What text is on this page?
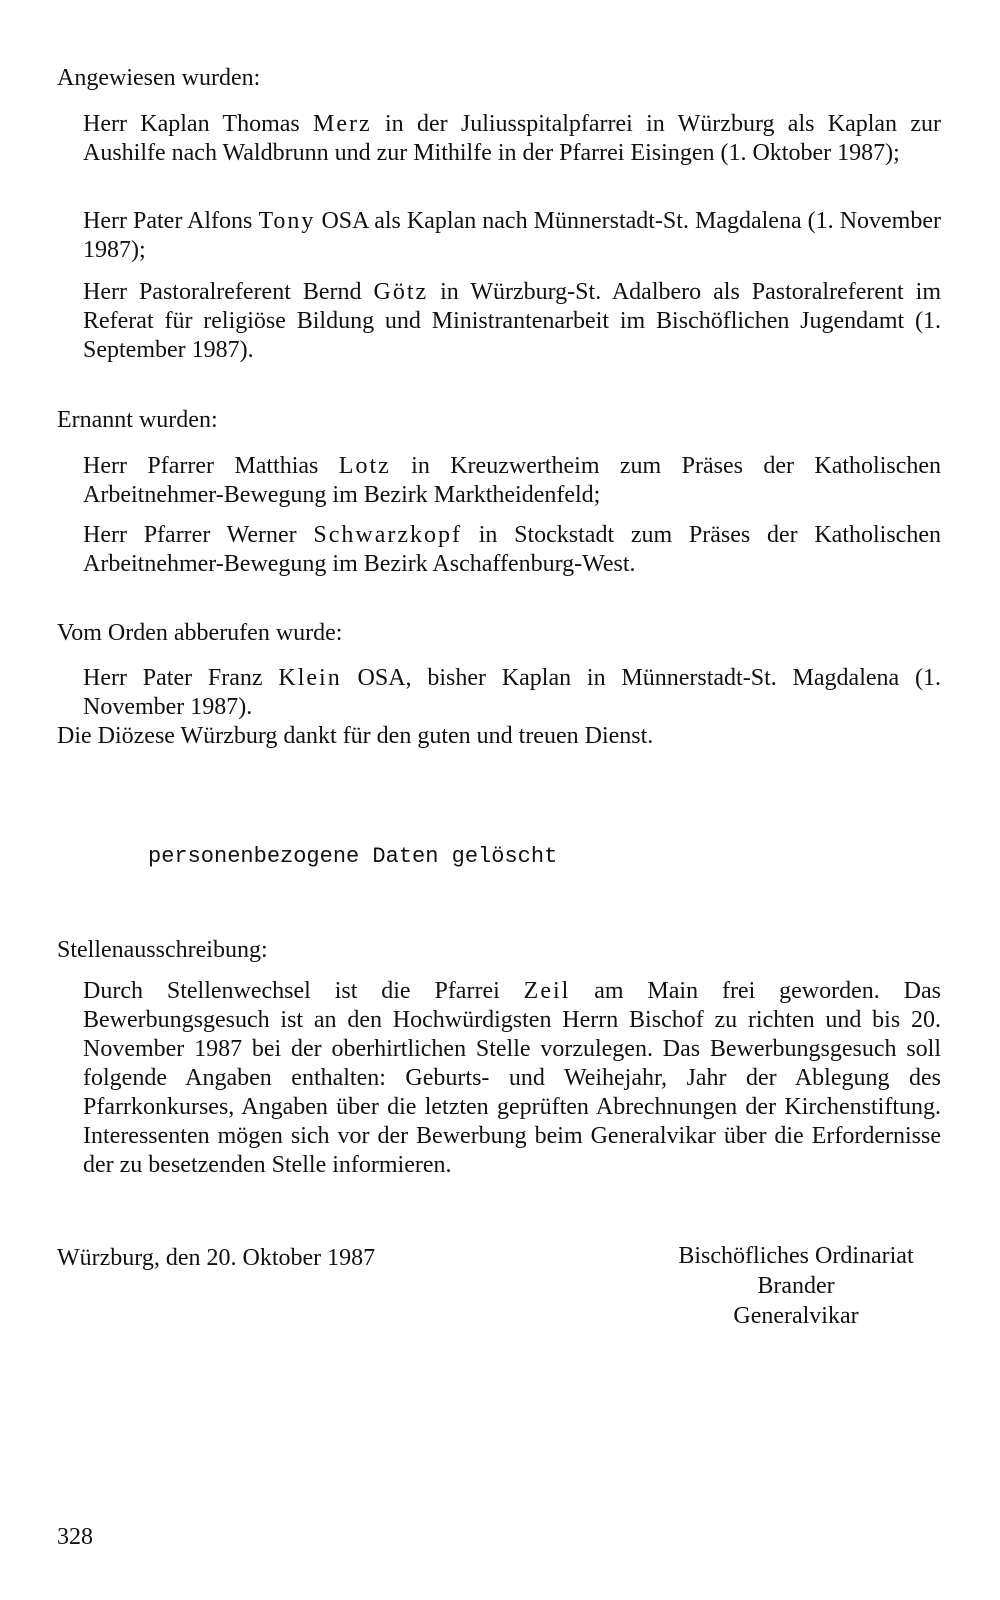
Angewiesen wurden:

Herr Kaplan Thomas Merz in der Juliusspitalpfarrei in Würzburg als Kaplan zur Aushilfe nach Waldbrunn und zur Mithilfe in der Pfarrei Eisingen (1. Oktober 1987);

Herr Pater Alfons Tony OSA als Kaplan nach Münnerstadt-St. Magdalena (1. November 1987);

Herr Pastoralreferent Bernd Götz in Würzburg-St. Adalbero als Pastoralreferent im Referat für religiöse Bildung und Ministrantenarbeit im Bischöflichen Jugendamt (1. September 1987).

Ernannt wurden:

Herr Pfarrer Matthias Lotz in Kreuzwertheim zum Präses der Katholischen Arbeitnehmer-Bewegung im Bezirk Marktheidenfeld;

Herr Pfarrer Werner Schwarzkopf in Stockstadt zum Präses der Katholischen Arbeitnehmer-Bewegung im Bezirk Aschaffenburg-West.

Vom Orden abberufen wurde:

Herr Pater Franz Klein OSA, bisher Kaplan in Münnerstadt-St. Magdalena (1. November 1987).

Die Diözese Würzburg dankt für den guten und treuen Dienst.

personenbezogene Daten gelöscht

Stellenausschreibung:

Durch Stellenwechsel ist die Pfarrei Zeil am Main frei geworden. Das Bewerbungsgesuch ist an den Hochwürdigsten Herrn Bischof zu richten und bis 20. November 1987 bei der oberhirtlichen Stelle vorzulegen. Das Bewerbungsgesuch soll folgende Angaben enthalten: Geburts- und Weihejahr, Jahr der Ablegung des Pfarrkonkurses, Angaben über die letzten geprüften Abrechnungen der Kirchenstiftung. Interessenten mögen sich vor der Bewerbung beim Generalvikar über die Erfordernisse der zu besetzenden Stelle informieren.

Würzburg, den 20. Oktober 1987	Bischöfliches Ordinariat
Brander
Generalvikar

328
